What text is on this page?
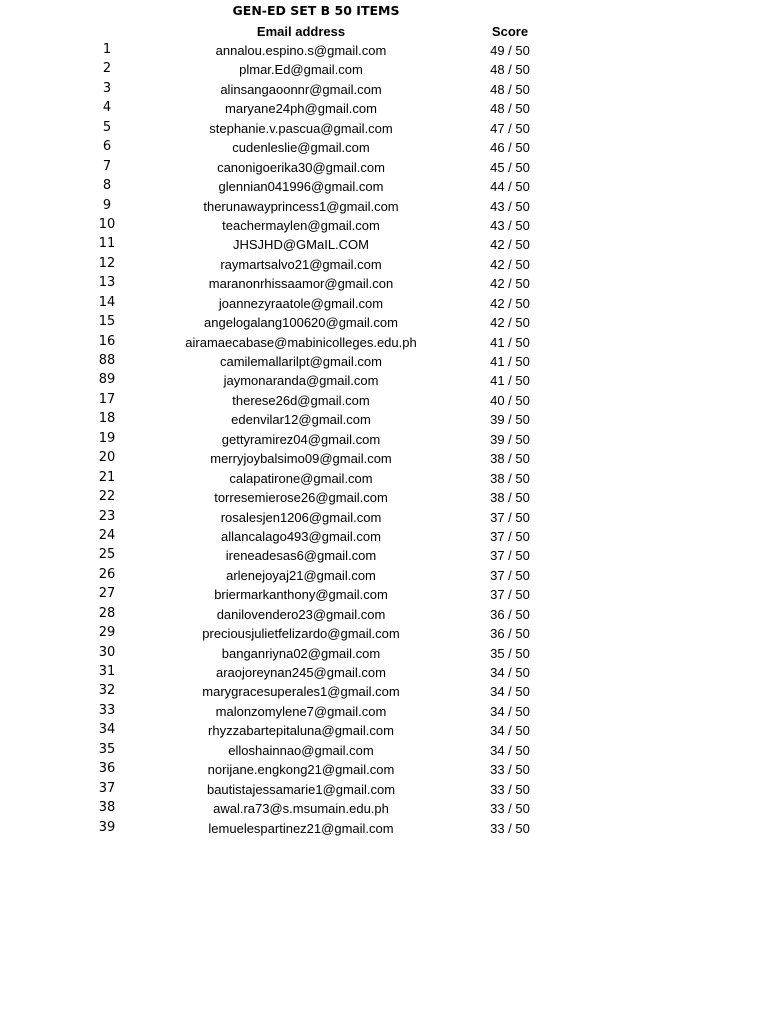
GEN-ED SET B 50 ITEMS
Email address	Score
1	annalou.espino.s@gmail.com	49 / 50
2	plmar.Ed@gmail.com	48 / 50
3	alinsangaoonnr@gmail.com	48 / 50
4	maryane24ph@gmail.com	48 / 50
5	stephanie.v.pascua@gmail.com	47 / 50
6	cudenleslie@gmail.com	46 / 50
7	canonigoerika30@gmail.com	45 / 50
8	glennian041996@gmail.com	44 / 50
9	therunawayprincess1@gmail.com	43 / 50
10	teachermaylen@gmail.com	43 / 50
11	JHSJHD@GMaIL.COM	42 / 50
12	raymartsalvo21@gmail.com	42 / 50
13	maranonrhissaamor@gmail.con	42 / 50
14	joannezyraatole@gmail.com	42 / 50
15	angelogalang100620@gmail.com	42 / 50
16	airamaecabase@mabinicolleges.edu.ph	41 / 50
88	camilemallarilpt@gmail.com	41 / 50
89	jaymonaranda@gmail.com	41 / 50
17	therese26d@gmail.com	40 / 50
18	edenvilar12@gmail.com	39 / 50
19	gettyramirez04@gmail.com	39 / 50
20	merryjoybalsimo09@gmail.com	38 / 50
21	calapatirone@gmail.com	38 / 50
22	torresemierose26@gmail.com	38 / 50
23	rosalesjen1206@gmail.com	37 / 50
24	allancalago493@gmail.com	37 / 50
25	ireneadesas6@gmail.com	37 / 50
26	arlenejoyaj21@gmail.com	37 / 50
27	briermarkanthony@gmail.com	37 / 50
28	danilovendero23@gmail.com	36 / 50
29	preciousjulietfelizardo@gmail.com	36 / 50
30	banganriyna02@gmail.com	35 / 50
31	araojoreynan245@gmail.com	34 / 50
32	marygracesuperales1@gmail.com	34 / 50
33	malonzomylene7@gmail.com	34 / 50
34	rhyzzabartepitaluna@gmail.com	34 / 50
35	elloshainnao@gmail.com	34 / 50
36	norijane.engkong21@gmail.com	33 / 50
37	bautistajessamarie1@gmail.com	33 / 50
38	awal.ra73@s.msumain.edu.ph	33 / 50
39	lemuelespartinez21@gmail.com	33 / 50
